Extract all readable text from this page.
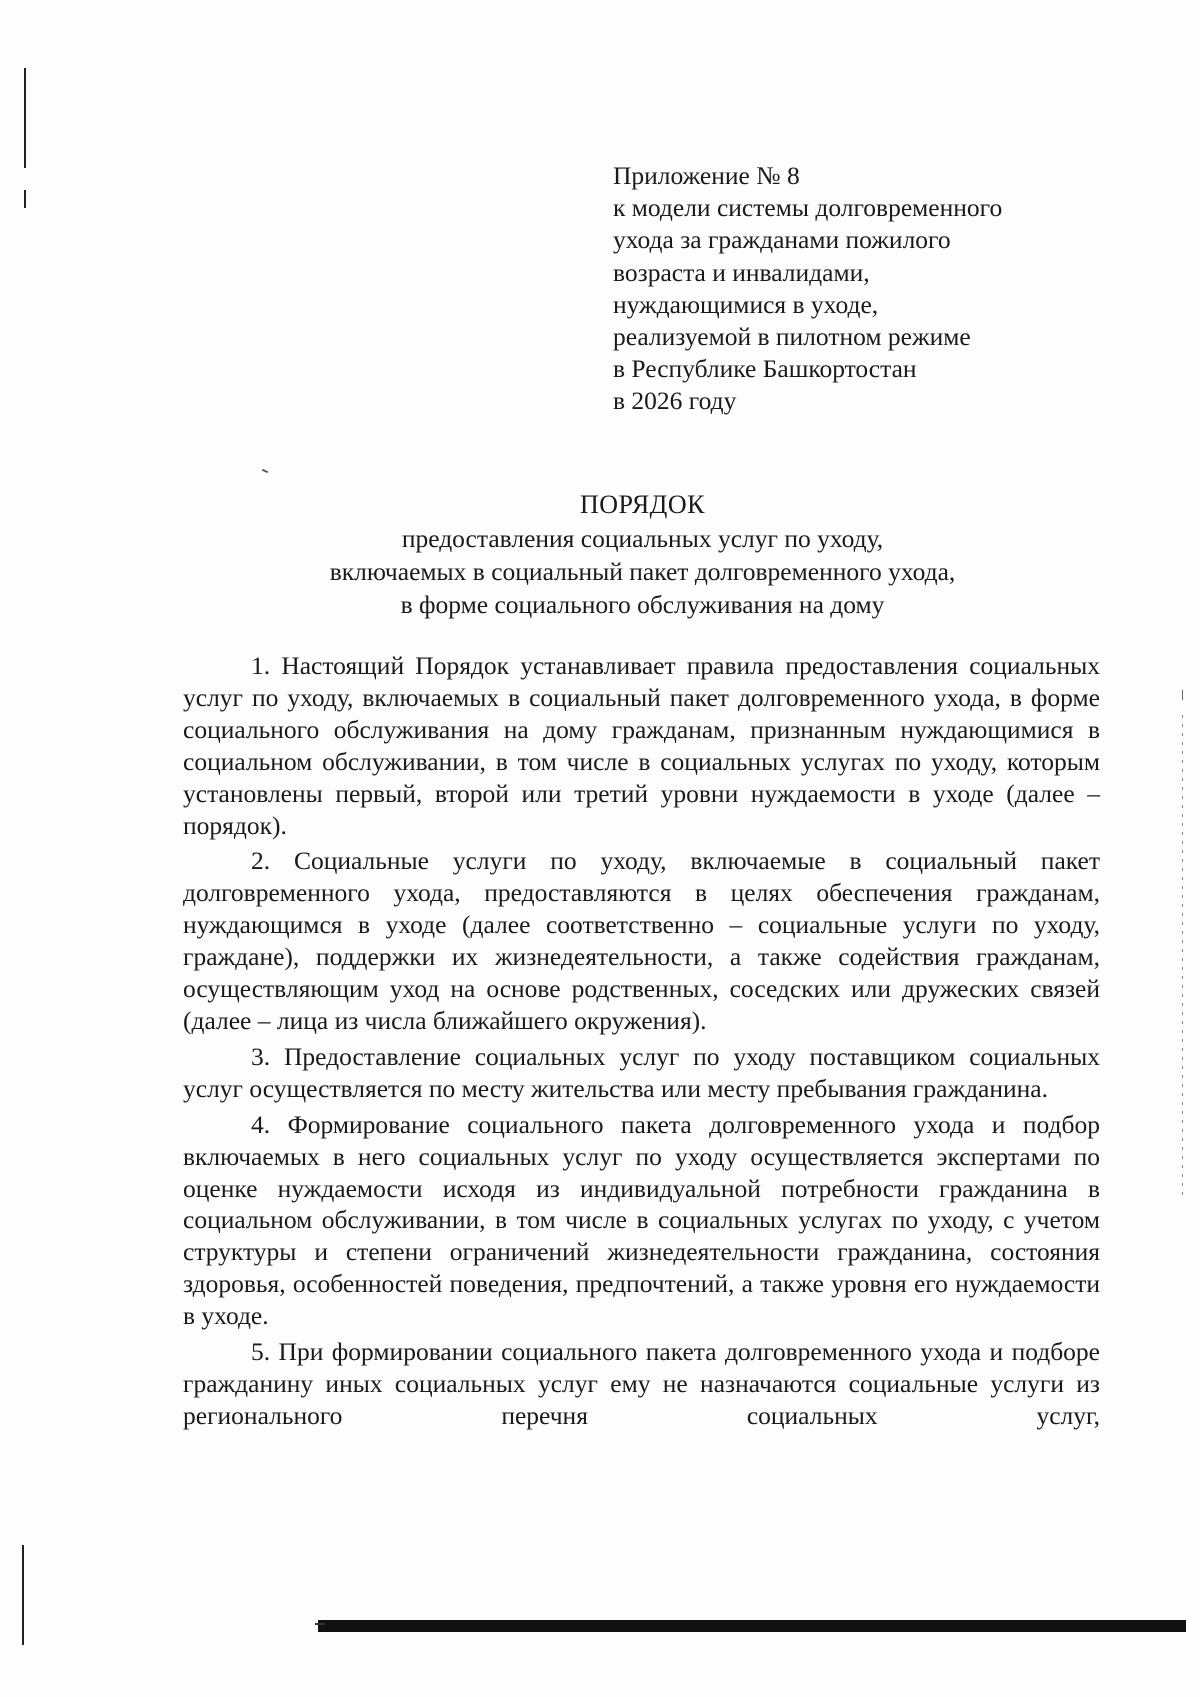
Приложение № 8
к модели системы долговременного
ухода за гражданами пожилого
возраста и инвалидами,
нуждающимися в уходе,
реализуемой в пилотном режиме
в Республике Башкортостан
в 2026 году
ПОРЯДОК
предоставления социальных услуг по уходу,
включаемых в социальный пакет долговременного ухода,
в форме социального обслуживания на дому

1. Настоящий Порядок устанавливает правила предоставления социальных услуг по уходу, включаемых в социальный пакет долговременного ухода, в форме социального обслуживания на дому гражданам, признанным нуждающимися в социальном обслуживании, в том числе в социальных услугах по уходу, которым установлены первый, второй или третий уровни нуждаемости в уходе (далее – порядок).

2. Социальные услуги по уходу, включаемые в социальный пакет долговременного ухода, предоставляются в целях обеспечения гражданам, нуждающимся в уходе (далее соответственно – социальные услуги по уходу, граждане), поддержки их жизнедеятельности, а также содействия гражданам, осуществляющим уход на основе родственных, соседских или дружеских связей (далее – лица из числа ближайшего окружения).

3. Предоставление социальных услуг по уходу поставщиком социальных услуг осуществляется по месту жительства или месту пребывания гражданина.

4. Формирование социального пакета долговременного ухода и подбор включаемых в него социальных услуг по уходу осуществляется экспертами по оценке нуждаемости исходя из индивидуальной потребности гражданина в социальном обслуживании, в том числе в социальных услугах по уходу, с учетом структуры и степени ограничений жизнедеятельности гражданина, состояния здоровья, особенностей поведения, предпочтений, а также уровня его нуждаемости в уходе.

5. При формировании социального пакета долговременного ухода и подборе гражданину иных социальных услуг ему не назначаются социальные услуги из регионального перечня социальных услуг,
